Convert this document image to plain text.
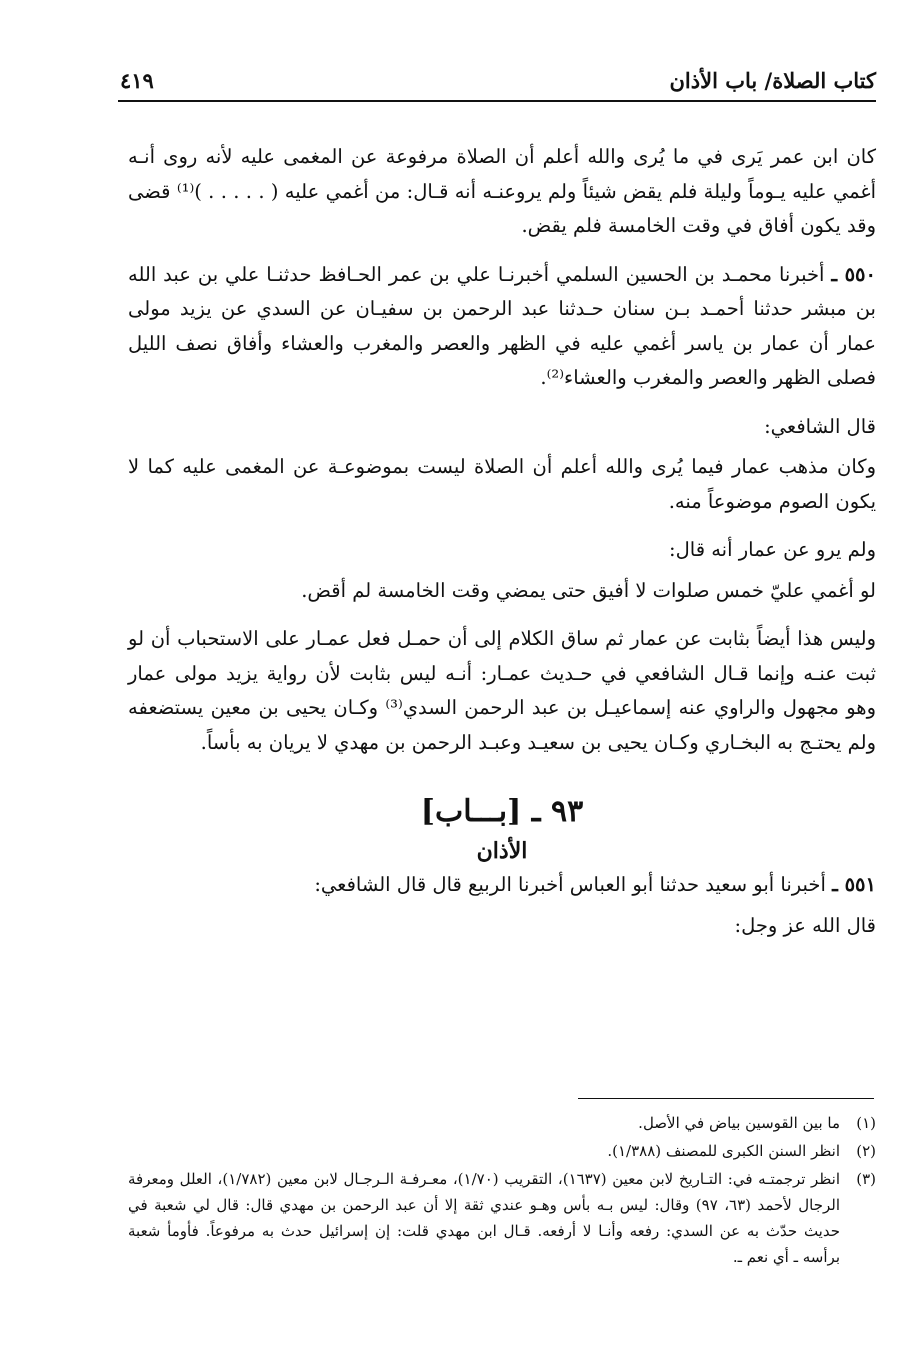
كتاب الصلاة/ باب الأذان
٤١٩

كان ابن عمر يَرى في ما يُرى والله أعلم أن الصلاة مرفوعة عن المغمى عليه لأنه روى أنـه أغمي عليه يـوماً وليلة فلم يقض شيئاً ولم يروعنـه أنه قـال: من أغمي عليه ( . . . . . )⁽¹⁾ قضى وقد يكون أفاق في وقت الخامسة فلم يقض.

٥٥٠ ـ أخبرنا محمـد بن الحسين السلمي أخبرنـا علي بن عمر الحـافظ حدثنـا علي بن عبد الله بن مبشر حدثنا أحمـد بـن سنان حـدثنا عبد الرحمن بن سفيـان عن السدي عن يزيد مولى عمار أن عمار بن ياسر أغمي عليه في الظهر والعصر والمغرب والعشاء وأفاق نصف الليل فصلى الظهر والعصر والمغرب والعشاء⁽²⁾.

قال الشافعي:

وكان مذهب عمار فيما يُرى والله أعلم أن الصلاة ليست بموضوعـة عن المغمى عليه كما لا يكون الصوم موضوعاً منه.

ولم يرو عن عمار أنه قال:

لو أغمي عليّ خمس صلوات لا أفيق حتى يمضي وقت الخامسة لم أقض.

وليس هذا أيضاً بثابت عن عمار ثم ساق الكلام إلى أن حمـل فعل عمـار على الاستحباب أن لو ثبت عنـه وإنما قـال الشافعي في حـديث عمـار: أنـه ليس بثابت لأن رواية يزيد مولى عمار وهو مجهول والراوي عنه إسماعيـل بن عبد الرحمن السدي⁽³⁾ وكـان يحيى بن معين يستضعفه ولم يحتـج به البخـاري وكـان يحيى بن سعيـد وعبـد الرحمن بن مهدي لا يريان به بأساً.

٩٣ ـ [بـــاب]
الأذان

٥٥١ ـ أخبرنا أبو سعيد حدثنا أبو العباس أخبرنا الربيع قال قال الشافعي:

قال الله عز وجل:

(١)
ما بين القوسين بياض في الأصل.
(٢)
انظر السنن الكبرى للمصنف (١/٣٨٨).
(٣)
انظر ترجمتـه في: التـاريخ لابن معين (١٦٣٧)، التقريب (١/٧٠)، معـرفـة الـرجـال لابن معين (١/٧٨٢)، العلل ومعرفة الرجال لأحمد (٦٣، ٩٧) وقال: ليس بـه بأس وهـو عندي ثقة إلا أن عبد الرحمن بن مهدي قال: قال لي شعبة في حديث حدّث به عن السدي: رفعه وأنـا لا أرفعه. قـال ابن مهدي قلت: إن إسرائيل حدث به مرفوعاً. فأومأ شعبة برأسه ـ أي نعم ـ.
